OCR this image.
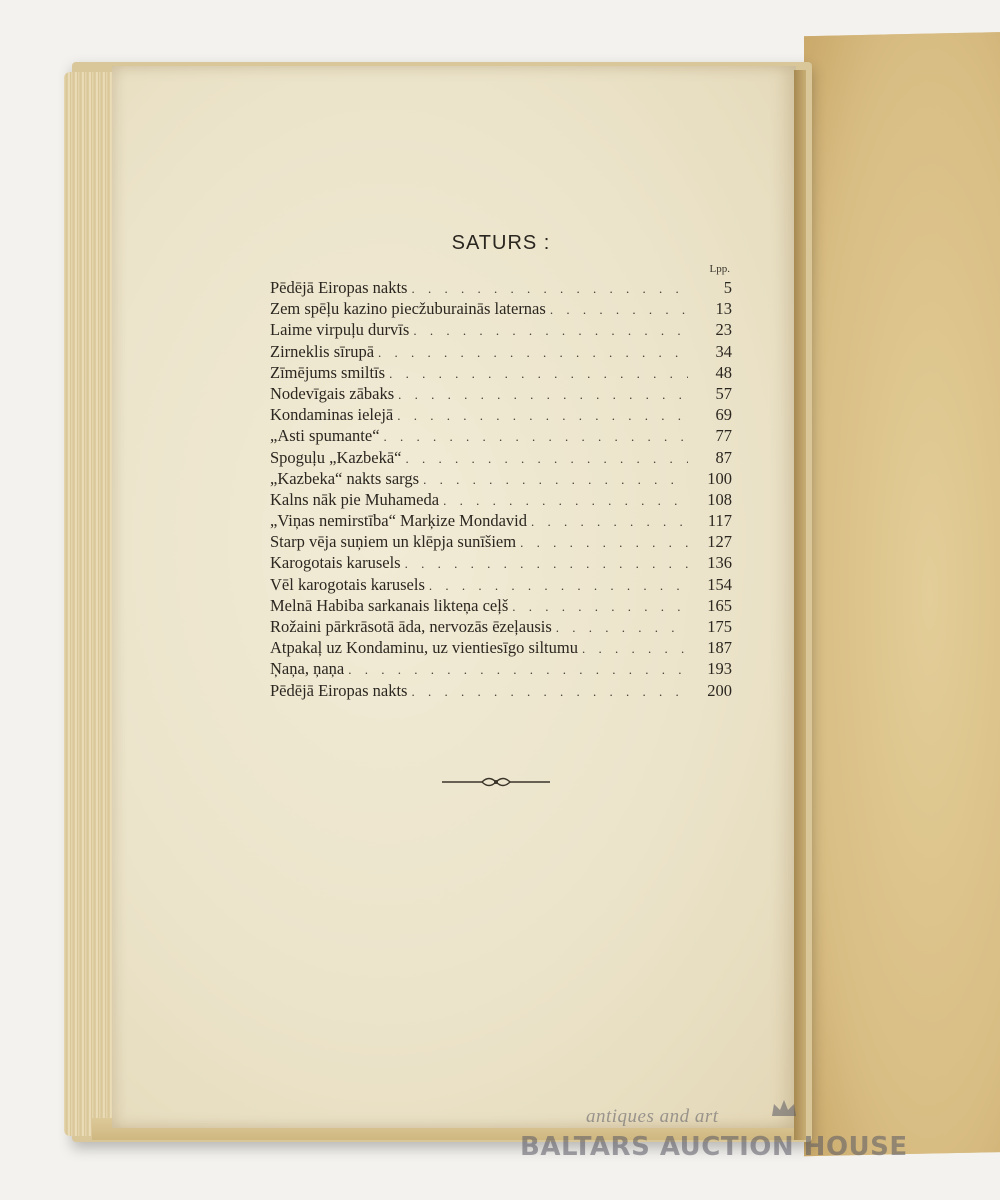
SATURS :
Lpp.
Pēdējā Eiropas nakts . . .	5
Zem spēļu kazino piecžuburainās laternas . . .	13
Laime virpuļu durvīs . . .	23
Zirneklis sīrupā . . .	34
Zīmējums smiltīs . . .	48
Nodevīgais zābaks . . .	57
Kondaminas ielejā . . .	69
„Asti spumante“ . . .	77
Spoguļu „Kazbekā“ . . .	87
„Kazbeka“ nakts sargs . . .	100
Kalns nāk pie Muhameda . . .	108
„Viņas nemirstība“ Marķize Mondavid . . .	117
Starp vēja suņiem un klēpja sunīšiem . . .	127
Karogotais karusels . . .	136
Vēl karogotais karusels . . .	154
Melnā Habiba sarkanais likteņa ceļš . . .	165
Rožaini pārkrāsotā āda, nervozās ēzeļausis . . .	175
Atpakaļ uz Kondaminu, uz vientiesīgo siltumu . . .	187
Ņaņa, ņaņa . . .	193
Pēdējā Eiropas nakts . . .	200
antiques and art
BALTARS AUCTION HOUSE
